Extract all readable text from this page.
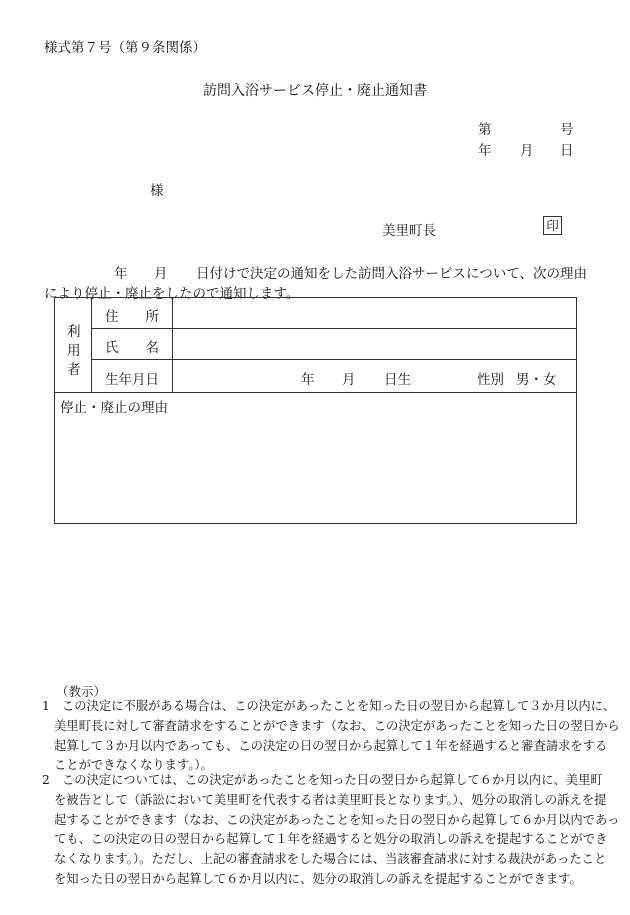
様式第７号（第９条関係）
訪問入浴サービス停止・廃止通知書
第	号
年 月 日
様
美里町長	印
年 月 日付けで決定の通知をした訪問入浴サービスについて、次の理由
により停止・廃止をしたので通知します。
利
用
者
住　　所
氏　　名
生年月日	年 月 日生	性別 男・女
停止・廃止の理由
（教示）
1 この決定に不服がある場合は、この決定があったことを知った日の翌日から起算して３か月以内に、
美里町長に対して審査請求をすることができます（なお、この決定があったことを知った日の翌日から
起算して３か月以内であっても、この決定の日の翌日から起算して１年を経過すると審査請求をする
ことができなくなります。）。
2 この決定については、この決定があったことを知った日の翌日から起算して６か月以内に、美里町
を被告として（訴訟において美里町を代表する者は美里町長となります。）、処分の取消しの訴えを提
起することができます（なお、この決定があったことを知った日の翌日から起算して６か月以内であっ
ても、この決定の日の翌日から起算して１年を経過すると処分の取消しの訴えを提起することができ
なくなります。）。ただし、上記の審査請求をした場合には、当該審査請求に対する裁決があったこと
を知った日の翌日から起算して６か月以内に、処分の取消しの訴えを提起することができます。
